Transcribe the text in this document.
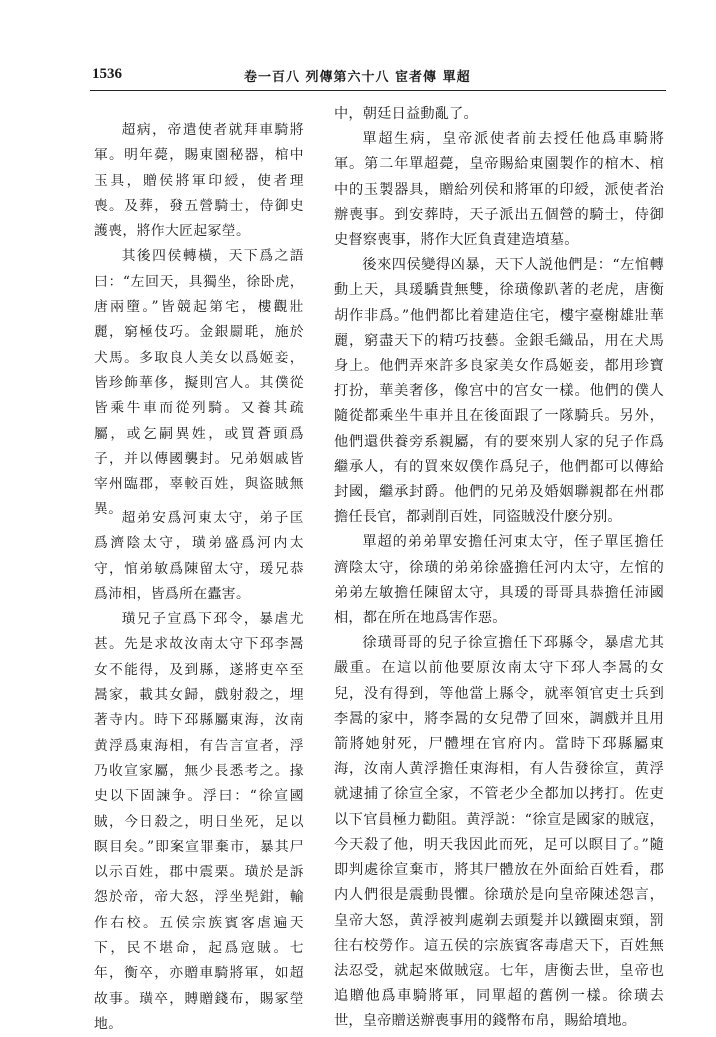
1536	卷一百八 列傳第六十八 宦者傳 單超

超病，帝遣使者就拜車騎將軍。明年薨，賜東園秘器，棺中玉具，贈侯將軍印綬，使者理喪。及葬，發五營騎士，侍御史護喪，將作大匠起冢塋。

其後四侯轉橫，天下爲之語曰：“左回天，具獨坐，徐卧虎，唐兩墮。”皆競起第宅，樓觀壯麗，窮極伎巧。金銀罽毦，施於犬馬。多取良人美女以爲姬妾，皆珍飾華侈，擬則宫人。其僕從皆乘牛車而從列騎。又養其疏屬，或乞嗣異姓，或買蒼頭爲子，并以傳國襲封。兄弟姻戚皆宰州臨郡，辜較百姓，與盜賊無異。

超弟安爲河東太守，弟子匡爲濟陰太守，璜弟盛爲河内太守，悺弟敏爲陳留太守，瑗兄恭爲沛相，皆爲所在蠹害。

璜兄子宣爲下邳令，暴虐尤甚。先是求故汝南太守下邳李暠女不能得，及到縣，遂將吏卒至暠家，載其女歸，戲射殺之，埋著寺内。時下邳縣屬東海，汝南黄浮爲東海相，有告言宣者，浮乃收宣家屬，無少長悉考之。掾史以下固諫争。浮曰：“徐宣國賊，今日殺之，明日坐死，足以瞑目矣。”即案宣罪棄市，暴其尸以示百姓，郡中震栗。璜於是訴怨於帝，帝大怒，浮坐髡鉗，輸作右校。五侯宗族賓客虐遍天下，民不堪命，起爲寇賊。七年，衡卒，亦贈車騎將軍，如超故事。璜卒，賻贈錢布，賜冢塋地。

中，朝廷日益動亂了。

單超生病，皇帝派使者前去授任他爲車騎將軍。第二年單超薨，皇帝賜給東園製作的棺木、棺中的玉製器具，贈給列侯和將軍的印綬，派使者治辦喪事。到安葬時，天子派出五個營的騎士，侍御史督察喪事，將作大匠負責建造墳墓。

後來四侯變得凶暴，天下人説他們是：“左悺轉動上天，具瑗驕貴無雙，徐璜像趴著的老虎，唐衡胡作非爲。”他們都比着建造住宅，樓宇臺榭雄壯華麗，窮盡天下的精巧技藝。金銀毛織品，用在犬馬身上。他們弄來許多良家美女作爲姬妾，都用珍寶打扮，華美奢侈，像宫中的宫女一樣。他們的僕人隨從都乘坐牛車并且在後面跟了一隊騎兵。另外，他們還供養旁系親屬，有的要來别人家的兒子作爲繼承人，有的買來奴僕作爲兒子，他們都可以傳給封國，繼承封爵。他們的兄弟及婚姻聯親都在州郡擔任長官，都剥削百姓，同盜賊没什麽分别。

單超的弟弟單安擔任河東太守，侄子單匡擔任濟陰太守，徐璜的弟弟徐盛擔任河内太守，左悺的弟弟左敏擔任陳留太守，具瑗的哥哥具恭擔任沛國相，都在所在地爲害作惡。

徐璜哥哥的兒子徐宣擔任下邳縣令，暴虐尤其嚴重。在這以前他要原汝南太守下邳人李暠的女兒，没有得到，等他當上縣令，就率領官吏士兵到李暠的家中，將李暠的女兒帶了回來，調戲并且用箭將她射死，尸體埋在官府内。當時下邳縣屬東海，汝南人黄浮擔任東海相，有人告發徐宣，黄浮就逮捕了徐宣全家，不管老少全都加以拷打。佐吏以下官員極力勸阻。黄浮説：“徐宣是國家的賊寇，今天殺了他，明天我因此而死，足可以瞑目了。”隨即判處徐宣棄市，將其尸體放在外面給百姓看，郡内人們很是震動畏懼。徐璜於是向皇帝陳述怨言，皇帝大怒，黄浮被判處剃去頭髮并以鐵圈束頸，罰往右校勞作。這五侯的宗族賓客毒虐天下，百姓無法忍受，就起來做賊寇。七年，唐衡去世，皇帝也追贈他爲車騎將軍，同單超的舊例一樣。徐璜去世，皇帝贈送辦喪事用的錢幣布帛，賜給墳地。
